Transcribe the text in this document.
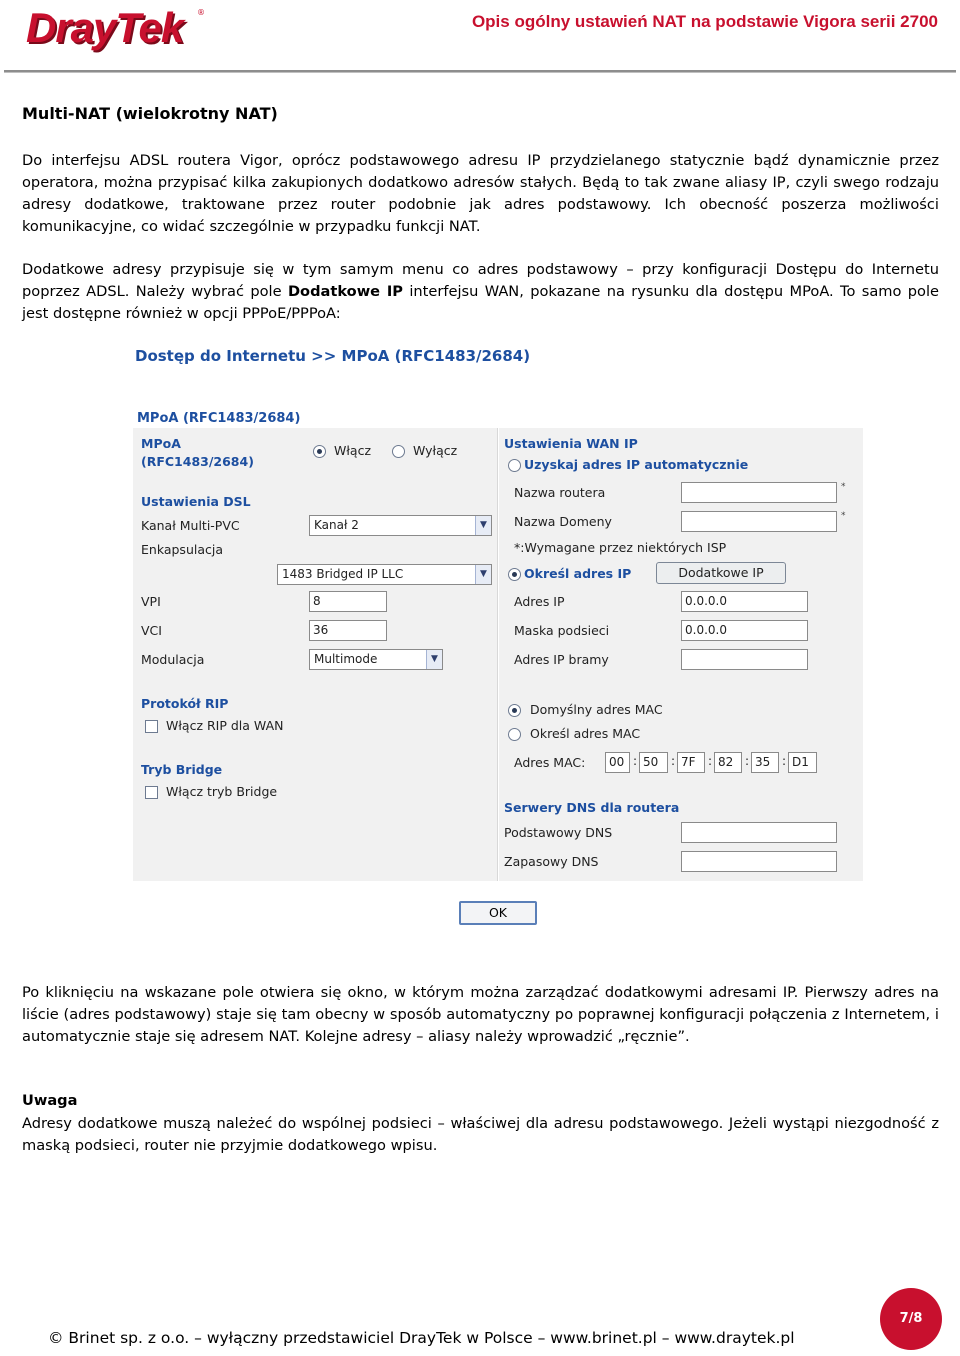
DrayTek ®	Opis ogólny ustawień NAT na podstawie Vigora serii 2700
Multi-NAT (wielokrotny NAT)
Do interfejsu ADSL routera Vigor, oprócz podstawowego adresu IP przydzielanego statycznie bądź dynamicznie przez operatora, można przypisać kilka zakupionych dodatkowo adresów stałych. Będą to tak zwane aliasy IP, czyli swego rodzaju adresy dodatkowe, traktowane przez router podobnie jak adres podstawowy. Ich obecność poszerza możliwości komunikacyjne, co widać szczególnie w przypadku funkcji NAT.
Dodatkowe adresy przypisuje się w tym samym menu co adres podstawowy – przy konfiguracji Dostępu do Internetu poprzez ADSL. Należy wybrać pole Dodatkowe IP interfejsu WAN, pokazane na rysunku dla dostępu MPoA. To samo pole jest dostępne również w opcji PPPoE/PPPoA:
Dostęp do Internetu >> MPoA (RFC1483/2684)
MPoA (RFC1483/2684)
MPoA
(RFC1483/2684)
Włącz	Wyłącz
Ustawienia DSL
Kanał Multi-PVC	Kanał 2	▼
Enkapsulacja
1483 Bridged IP LLC	▼
VPI	8
VCI	36
Modulacja	Multimode	▼
Protokół RIP
Włącz RIP dla WAN
Tryb Bridge
Włącz tryb Bridge
Ustawienia WAN IP
Uzyskaj adres IP automatycznie
Nazwa routera	*
Nazwa Domeny	*
*:Wymagane przez niektórych ISP
Określ adres IP	Dodatkowe IP
Adres IP	0.0.0.0
Maska podsieci	0.0.0.0
Adres IP bramy
Domyślny adres MAC
Określ adres MAC
Adres MAC:	00 : 50	: 7F	: 82 : 35 : D1
Serwery DNS dla routera
Podstawowy DNS
Zapasowy DNS
OK
Po kliknięciu na wskazane pole otwiera się okno, w którym można zarządzać dodatkowymi adresami IP. Pierwszy adres na liście (adres podstawowy) staje się tam obecny w sposób automatyczny po poprawnej konfiguracji połączenia z Internetem, i automatycznie staje się adresem NAT. Kolejne adresy – aliasy należy wprowadzić „ręcznie”.
Uwaga
Adresy dodatkowe muszą należeć do wspólnej podsieci – właściwej dla adresu podstawowego. Jeżeli wystąpi niezgodność z maską podsieci, router nie przyjmie dodatkowego wpisu.
© Brinet sp. z o.o. – wyłączny przedstawiciel DrayTek w Polsce – www.brinet.pl – www.draytek.pl
7/8
